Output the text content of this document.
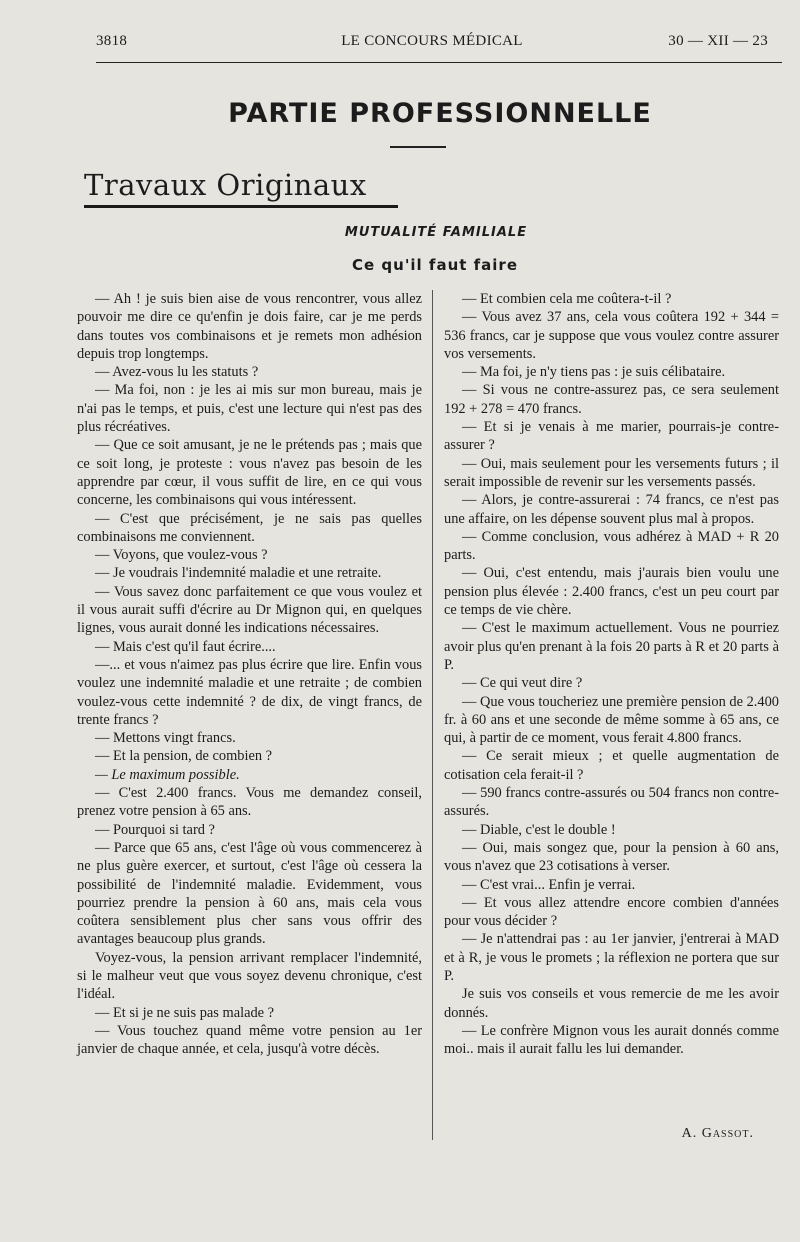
3818	LE CONCOURS MÉDICAL	30 — XII — 23
PARTIE PROFESSIONNELLE
Travaux Originaux
MUTUALITÉ FAMILIALE
Ce qu'il faut faire

— Ah ! je suis bien aise de vous rencontrer, vous allez pouvoir me dire ce qu'enfin je dois faire, car je me perds dans toutes vos combinaisons et je remets mon adhésion depuis trop longtemps.

— Avez-vous lu les statuts ?

— Ma foi, non : je les ai mis sur mon bureau, mais je n'ai pas le temps, et puis, c'est une lecture qui n'est pas des plus récréatives.

— Que ce soit amusant, je ne le prétends pas ; mais que ce soit long, je proteste : vous n'avez pas besoin de les apprendre par cœur, il vous suffit de lire, en ce qui vous concerne, les combinaisons qui vous intéressent.

— C'est que précisément, je ne sais pas quelles combinaisons me conviennent.

— Voyons, que voulez-vous ?

— Je voudrais l'indemnité maladie et une retraite.

— Vous savez donc parfaitement ce que vous voulez et il vous aurait suffi d'écrire au Dr Mignon qui, en quelques lignes, vous aurait donné les indications nécessaires.

— Mais c'est qu'il faut écrire....

—... et vous n'aimez pas plus écrire que lire. Enfin vous voulez une indemnité maladie et une retraite ; de combien voulez-vous cette indemnité ? de dix, de vingt francs, de trente francs ?

— Mettons vingt francs.

— Et la pension, de combien ?

— Le maximum possible.

— C'est 2.400 francs. Vous me demandez conseil, prenez votre pension à 65 ans.

— Pourquoi si tard ?

— Parce que 65 ans, c'est l'âge où vous commencerez à ne plus guère exercer, et surtout, c'est l'âge où cessera la possibilité de l'indemnité maladie. Evidemment, vous pourriez prendre la pension à 60 ans, mais cela vous coûtera sensiblement plus cher sans vous offrir des avantages beaucoup plus grands.

Voyez-vous, la pension arrivant remplacer l'indemnité, si le malheur veut que vous soyez devenu chronique, c'est l'idéal.

— Et si je ne suis pas malade ?

— Vous touchez quand même votre pension au 1er janvier de chaque année, et cela, jusqu'à votre décès.

— Et combien cela me coûtera-t-il ?

— Vous avez 37 ans, cela vous coûtera 192 + 344 = 536 francs, car je suppose que vous voulez contre assurer vos versements.

— Ma foi, je n'y tiens pas : je suis célibataire.

— Si vous ne contre-assurez pas, ce sera seulement 192 + 278 = 470 francs.

— Et si je venais à me marier, pourrais-je contre-assurer ?

— Oui, mais seulement pour les versements futurs ; il serait impossible de revenir sur les versements passés.

— Alors, je contre-assurerai : 74 francs, ce n'est pas une affaire, on les dépense souvent plus mal à propos.

— Comme conclusion, vous adhérez à MAD + R 20 parts.

— Oui, c'est entendu, mais j'aurais bien voulu une pension plus élevée : 2.400 francs, c'est un peu court par ce temps de vie chère.

— C'est le maximum actuellement. Vous ne pourriez avoir plus qu'en prenant à la fois 20 parts à R et 20 parts à P.

— Ce qui veut dire ?

— Que vous toucheriez une première pension de 2.400 fr. à 60 ans et une seconde de même somme à 65 ans, ce qui, à partir de ce moment, vous ferait 4.800 francs.

— Ce serait mieux ; et quelle augmentation de cotisation cela ferait-il ?

— 590 francs contre-assurés ou 504 francs non contre-assurés.

— Diable, c'est le double !

— Oui, mais songez que, pour la pension à 60 ans, vous n'avez que 23 cotisations à verser.

— C'est vrai... Enfin je verrai.

— Et vous allez attendre encore combien d'années pour vous décider ?

— Je n'attendrai pas : au 1er janvier, j'entrerai à MAD et à R, je vous le promets ; la réflexion ne portera que sur P.

Je suis vos conseils et vous remercie de me les avoir donnés.

— Le confrère Mignon vous les aurait donnés comme moi.. mais il aurait fallu les lui demander.

A. Gassot.
